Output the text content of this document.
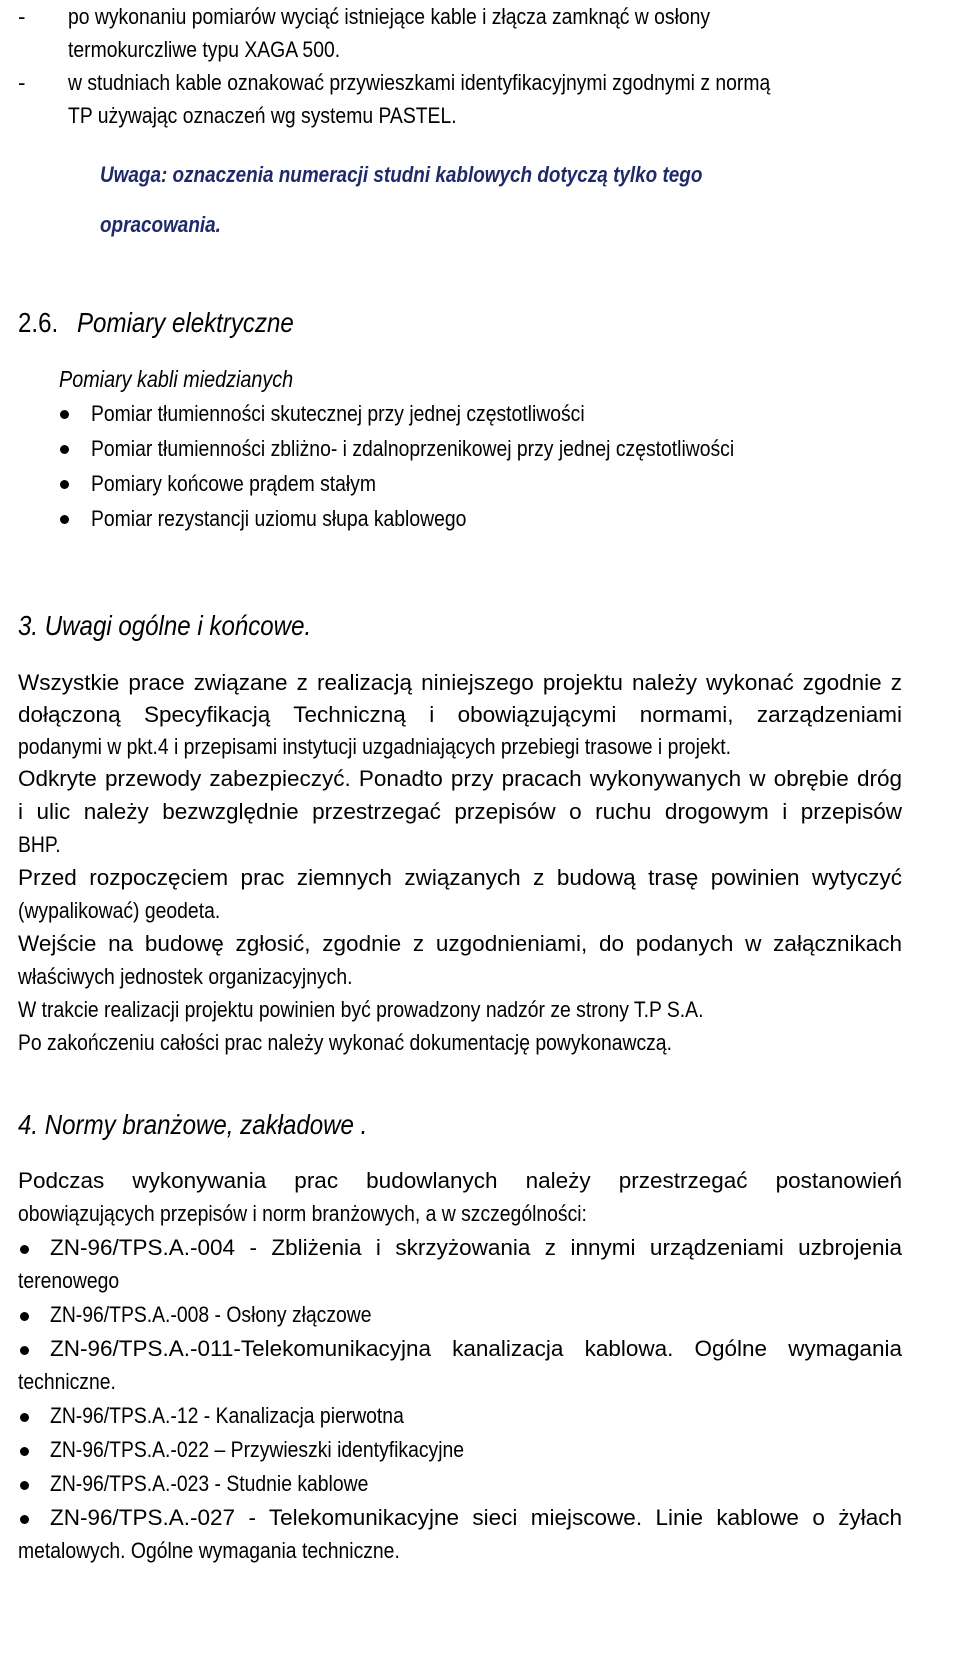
- po wykonaniu pomiarów wyciąć istniejące kable i złącza zamknąć w osłony
termokurczliwe typu XAGA 500.
- w studniach kable oznakować przywieszkami identyfikacyjnymi zgodnymi z normą
TP używając oznaczeń wg systemu PASTEL.
Uwaga: oznaczenia numeracji studni kablowych dotyczą tylko tego
opracowania.
2.6. Pomiary elektryczne
Pomiary kabli miedzianych
Pomiar tłumienności skutecznej przy jednej częstotliwości
Pomiar tłumienności zbliżno- i zdalnoprzenikowej przy jednej częstotliwości
Pomiary końcowe prądem stałym
Pomiar rezystancji uziomu słupa kablowego
3. Uwagi ogólne i końcowe.
Wszystkie prace związane z realizacją niniejszego projektu należy wykonać zgodnie z
dołączoną Specyfikacją Techniczną i obowiązującymi normami, zarządzeniami
podanymi w pkt.4 i przepisami instytucji uzgadniających przebiegi trasowe i projekt.
Odkryte przewody zabezpieczyć. Ponadto przy pracach wykonywanych w obrębie dróg
i ulic należy bezwzględnie przestrzegać przepisów o ruchu drogowym i przepisów
BHP.
Przed rozpoczęciem prac ziemnych związanych z budową trasę powinien wytyczyć
(wypalikować) geodeta.
Wejście na budowę zgłosić, zgodnie z uzgodnieniami, do podanych w załącznikach
właściwych jednostek organizacyjnych.
W trakcie realizacji projektu powinien być prowadzony nadzór ze strony T.P S.A.
Po zakończeniu całości prac należy wykonać dokumentację powykonawczą.
4. Normy branżowe, zakładowe .
Podczas wykonywania prac budowlanych należy przestrzegać postanowień
obowiązujących przepisów i norm branżowych, a w szczególności:
ZN-96/TPS.A.-004 - Zbliżenia i skrzyżowania z innymi urządzeniami uzbrojenia
terenowego
ZN-96/TPS.A.-008 - Osłony złączowe
ZN-96/TPS.A.-011-Telekomunikacyjna kanalizacja kablowa. Ogólne wymagania
techniczne.
ZN-96/TPS.A.-12 - Kanalizacja pierwotna
ZN-96/TPS.A.-022 – Przywieszki identyfikacyjne
ZN-96/TPS.A.-023 - Studnie kablowe
ZN-96/TPS.A.-027 - Telekomunikacyjne sieci miejscowe. Linie kablowe o żyłach
metalowych. Ogólne wymagania techniczne.
